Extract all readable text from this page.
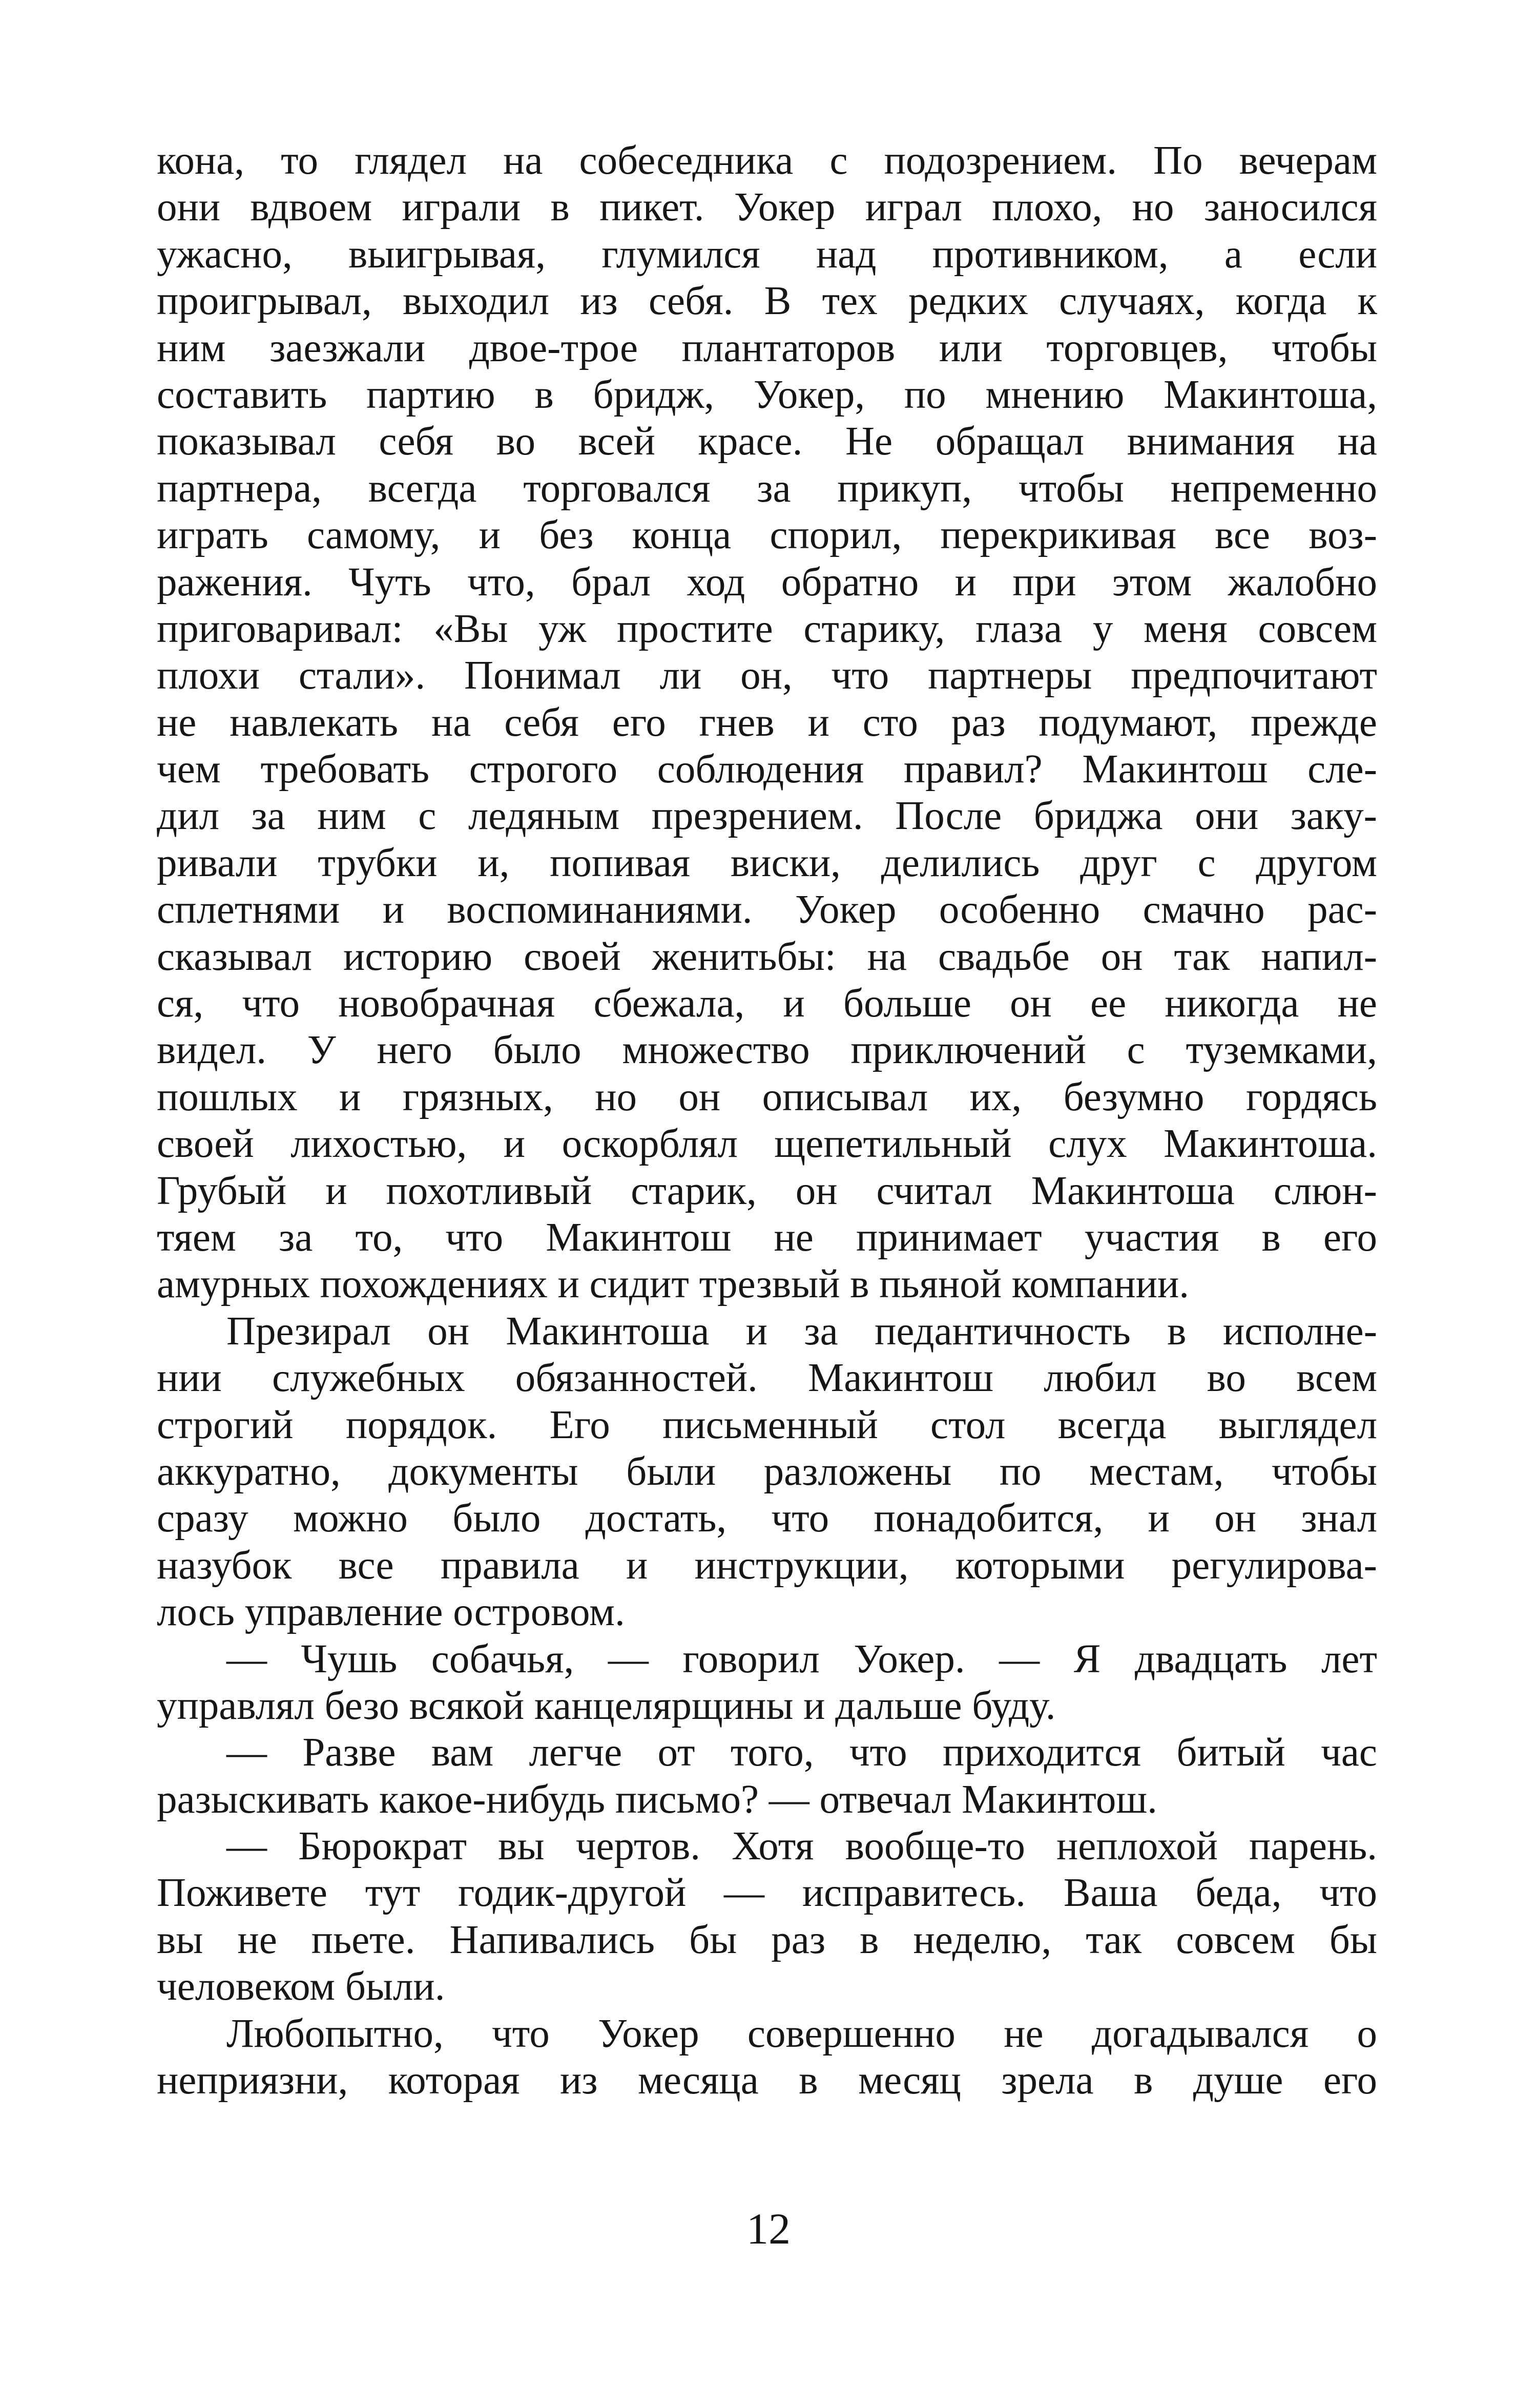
кона, то глядел на собеседника с подозрением. По вечерам
они вдвоем играли в пикет. Уокер играл плохо, но заносился
ужасно, выигрывая, глумился над противником, а если
проигрывал, выходил из себя. В тех редких случаях, когда к
ним заезжали двое-трое плантаторов или торговцев, чтобы
составить партию в бридж, Уокер, по мнению Макинтоша,
показывал себя во всей красе. Не обращал внимания на
партнера, всегда торговался за прикуп, чтобы непременно
играть самому, и без конца спорил, перекрикивая все воз-
ражения. Чуть что, брал ход обратно и при этом жалобно
приговаривал: «Вы уж простите старику, глаза у меня совсем
плохи стали». Понимал ли он, что партнеры предпочитают
не навлекать на себя его гнев и сто раз подумают, прежде
чем требовать строгого соблюдения правил? Макинтош сле-
дил за ним с ледяным презрением. После бриджа они заку-
ривали трубки и, попивая виски, делились друг с другом
сплетнями и воспоминаниями. Уокер особенно смачно рас-
сказывал историю своей женитьбы: на свадьбе он так напил-
ся, что новобрачная сбежала, и больше он ее никогда не
видел. У него было множество приключений с туземками,
пошлых и грязных, но он описывал их, безумно гордясь
своей лихостью, и оскорблял щепетильный слух Макинтоша.
Грубый и похотливый старик, он считал Макинтоша слюн-
тяем за то, что Макинтош не принимает участия в его
амурных похождениях и сидит трезвый в пьяной компании.
Презирал он Макинтоша и за педантичность в исполне-
нии служебных обязанностей. Макинтош любил во всем
строгий порядок. Его письменный стол всегда выглядел
аккуратно, документы были разложены по местам, чтобы
сразу можно было достать, что понадобится, и он знал
назубок все правила и инструкции, которыми регулирова-
лось управление островом.
— Чушь собачья, — говорил Уокер. — Я двадцать лет
управлял безо всякой канцелярщины и дальше буду.
— Разве вам легче от того, что приходится битый час
разыскивать какое-нибудь письмо? — отвечал Макинтош.
— Бюрократ вы чертов. Хотя вообще-то неплохой парень.
Поживете тут годик-другой — исправитесь. Ваша беда, что
вы не пьете. Напивались бы раз в неделю, так совсем бы
человеком были.
Любопытно, что Уокер совершенно не догадывался о
неприязни, которая из месяца в месяц зрела в душе его
12
